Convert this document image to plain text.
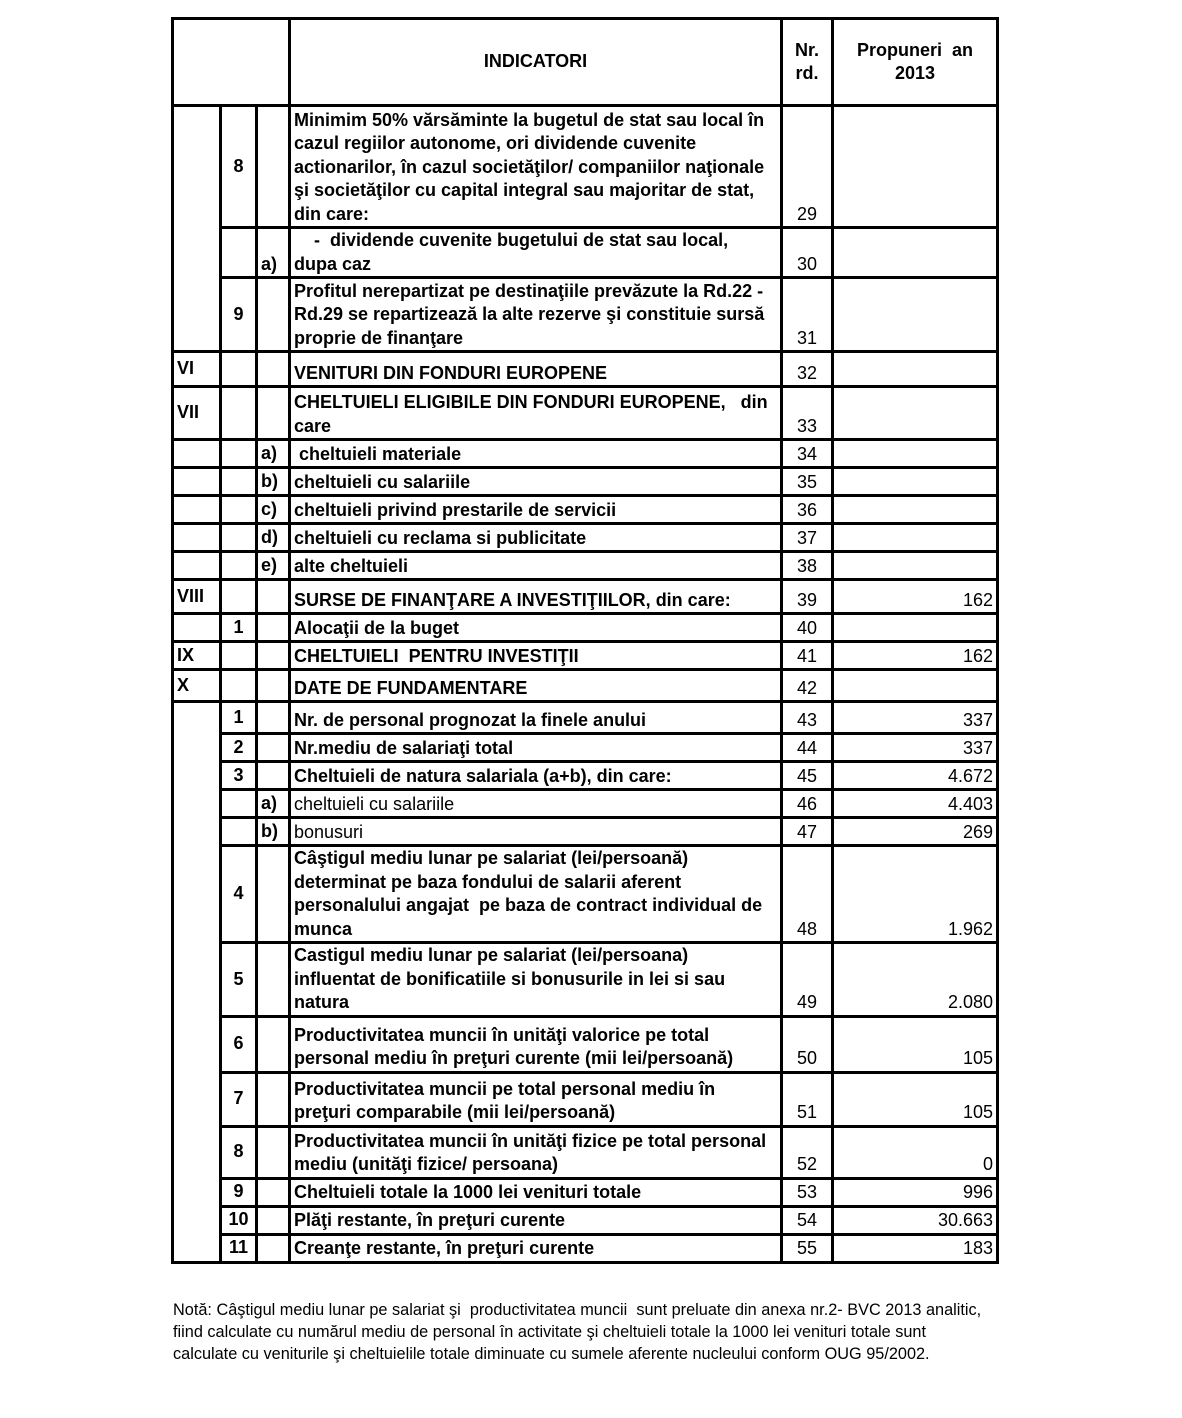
			INDICATORI	Nr.
rd.	Propuneri  an
2013
	8		Minimim 50% vărsăminte la bugetul de stat sau local în
cazul regiilor autonome, ori dividende cuvenite
actionarilor, în cazul societăţilor/ companiilor naţionale
şi societăţilor cu capital integral sau majoritar de stat,
din care:	29	
		a)	-  dividende cuvenite bugetului de stat sau local,
dupa caz	30	
	9		Profitul nerepartizat pe destinaţiile prevăzute la Rd.22 -
Rd.29 se repartizează la alte rezerve şi constituie sursă
proprie de finanţare	31	
VI			VENITURI DIN FONDURI EUROPENE	32	
VII			CHELTUIELI ELIGIBILE DIN FONDURI EUROPENE,   din
care	33	
		a)	cheltuieli materiale	34	
		b)	cheltuieli cu salariile	35	
		c)	cheltuieli privind prestarile de servicii	36	
		d)	cheltuieli cu reclama si publicitate	37	
		e)	alte cheltuieli	38	
VIII			SURSE DE FINANŢARE A INVESTIŢIILOR, din care:	39	162
	1		Alocaţii de la buget	40	
IX			CHELTUIELI  PENTRU INVESTIŢII	41	162
X			DATE DE FUNDAMENTARE	42	
	1		Nr. de personal prognozat la finele anului	43	337
	2		Nr.mediu de salariaţi total	44	337
	3		Cheltuieli de natura salariala (a+b), din care:	45	4.672
		a)	cheltuieli cu salariile	46	4.403
		b)	bonusuri	47	269
	4		Câştigul mediu lunar pe salariat (lei/persoană)
determinat pe baza fondului de salarii aferent
personalului angajat  pe baza de contract individual de
munca	48	1.962
	5		Castigul mediu lunar pe salariat (lei/persoana)
influentat de bonificatiile si bonusurile in lei si sau
natura	49	2.080
	6		Productivitatea muncii în unităţi valorice pe total
personal mediu în preţuri curente (mii lei/persoană)	50	105
	7		Productivitatea muncii pe total personal mediu în
preţuri comparabile (mii lei/persoană)	51	105
	8		Productivitatea muncii în unităţi fizice pe total personal
mediu (unităţi fizice/ persoana)	52	0
	9		Cheltuieli totale la 1000 lei venituri totale	53	996
	10		Plăţi restante, în preţuri curente	54	30.663
	11		Creanţe restante, în preţuri curente	55	183
Notă: Câştigul mediu lunar pe salariat şi  productivitatea muncii  sunt preluate din anexa nr.2- BVC 2013 analitic,
fiind calculate cu numărul mediu de personal în activitate şi cheltuieli totale la 1000 lei venituri totale sunt
calculate cu veniturile şi cheltuielile totale diminuate cu sumele aferente nucleului conform OUG 95/2002.
